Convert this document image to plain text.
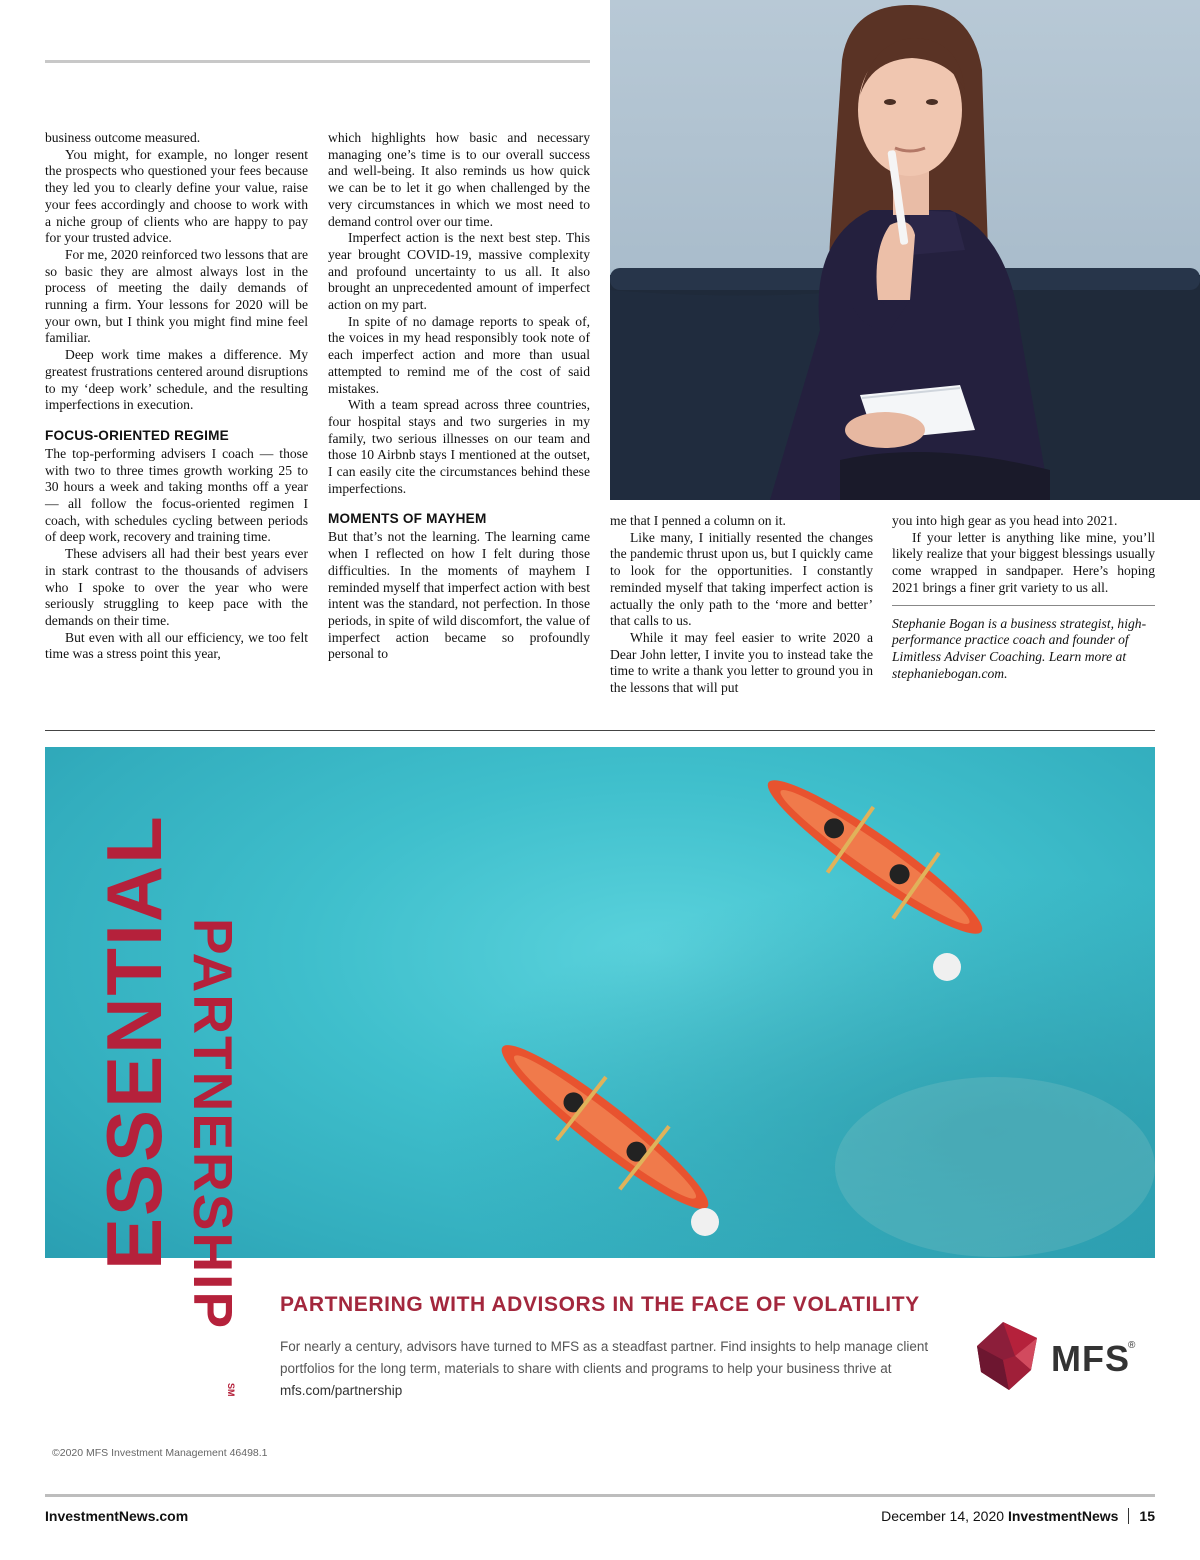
business outcome measured.

You might, for example, no longer resent the prospects who questioned your fees because they led you to clearly define your value, raise your fees accordingly and choose to work with a niche group of clients who are happy to pay for your trusted advice.

For me, 2020 reinforced two lessons that are so basic they are almost always lost in the process of meeting the daily demands of running a firm. Your lessons for 2020 will be your own, but I think you might find mine feel familiar.

Deep work time makes a difference. My greatest frustrations centered around disruptions to my ‘deep work’ schedule, and the resulting imperfections in execution.

FOCUS-ORIENTED REGIME

The top-performing advisers I coach — those with two to three times growth working 25 to 30 hours a week and taking months off a year — all follow the focus-oriented regimen I coach, with schedules cycling between periods of deep work, recovery and training time.

These advisers all had their best years ever in stark contrast to the thousands of advisers who I spoke to over the year who were seriously struggling to keep pace with the demands on their time.

But even with all our efficiency, we too felt time was a stress point this year,

which highlights how basic and necessary managing one’s time is to our overall success and well-being. It also reminds us how quick we can be to let it go when challenged by the very circumstances in which we most need to demand control over our time.

Imperfect action is the next best step. This year brought COVID-19, massive complexity and profound uncertainty to us all. It also brought an unprecedented amount of imperfect action on my part.

In spite of no damage reports to speak of, the voices in my head responsibly took note of each imperfect action and more than usual attempted to remind me of the cost of said mistakes.

With a team spread across three countries, four hospital stays and two surgeries in my family, two serious illnesses on our team and those 10 Airbnb stays I mentioned at the outset, I can easily cite the circumstances behind these imperfections.

MOMENTS OF MAYHEM

But that’s not the learning. The learning came when I reflected on how I felt during those difficulties. In the moments of mayhem I reminded myself that imperfect action with best intent was the standard, not perfection. In those periods, in spite of wild discomfort, the value of imperfect action became so profoundly personal to

me that I penned a column on it.

Like many, I initially resented the changes the pandemic thrust upon us, but I quickly came to look for the opportunities. I constantly reminded myself that taking imperfect action is actually the only path to the ‘more and better’ that calls to us.

While it may feel easier to write 2020 a Dear John letter, I invite you to instead take the time to write a thank you letter to ground you in the lessons that will put

you into high gear as you head into 2021.

If your letter is anything like mine, you’ll likely realize that your biggest blessings usually come wrapped in sandpaper. Here’s hoping 2021 brings a finer grit variety to us all.

Stephanie Bogan is a business strategist, high-performance practice coach and founder of Limitless Adviser Coaching. Learn more at stephaniebogan.com.

ESSENTIAL PARTNERSHIP
SM
PARTNERING WITH ADVISORS IN THE FACE OF VOLATILITY
For nearly a century, advisors have turned to MFS as a steadfast partner. Find insights to help manage client portfolios for the long term, materials to share with clients and programs to help your business thrive at mfs.com/partnership
MFS
®
©2020 MFS Investment Management 46498.1
InvestmentNews.com	December 14, 2020 InvestmentNews 15
